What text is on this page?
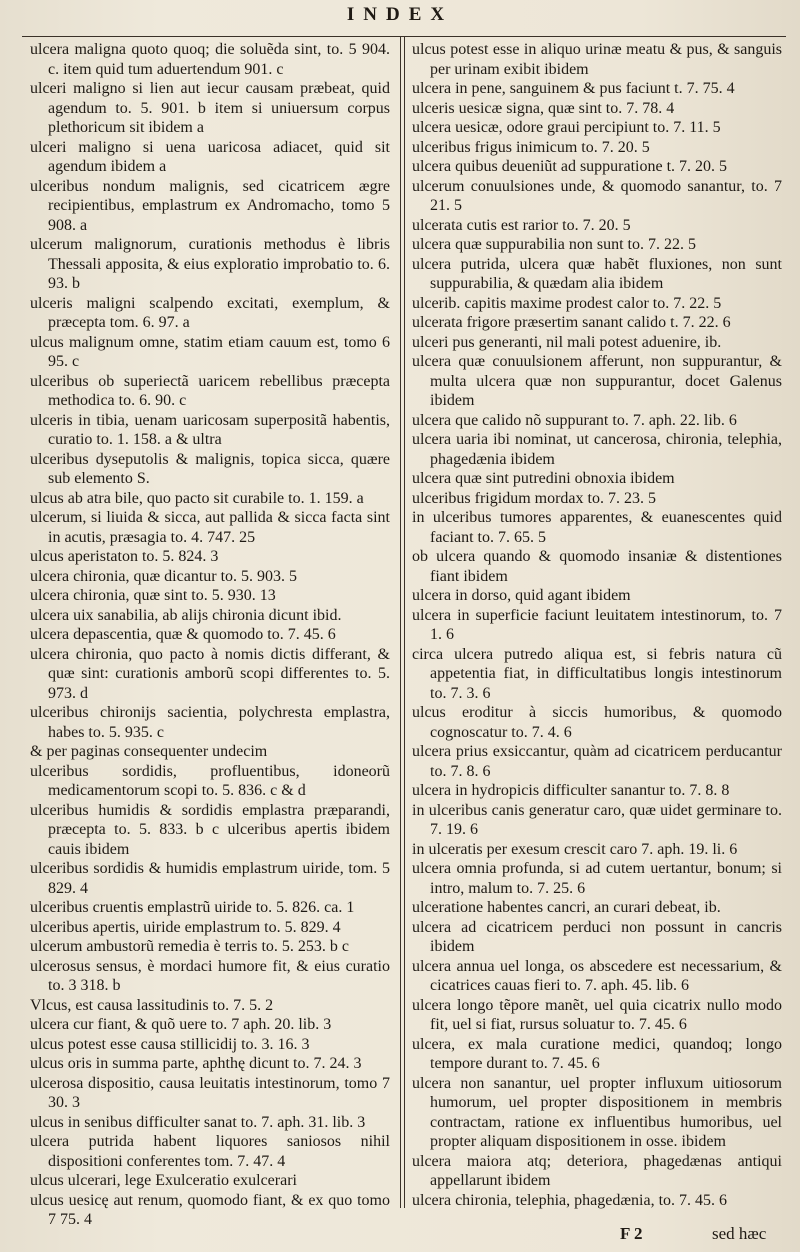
INDEX

ulcera maligna quoto quoq; die soluẽda sint, to. 5 904. c. item quid tum aduertendum 901. c

ulceri maligno si lien aut iecur causam præbeat, quid agendum to. 5. 901. b item si uniuersum corpus plethoricum sit ibidem a

ulceri maligno si uena uaricosa adiacet, quid sit agendum ibidem a

ulceribus nondum malignis, sed cicatricem ægre recipientibus, emplastrum ex Andromacho, tomo 5 908. a

ulcerum malignorum, curationis methodus è libris Thessali apposita, & eius exploratio improbatio to. 6. 93. b

ulceris maligni scalpendo excitati, exemplum, & præcepta tom. 6. 97. a

ulcus malignum omne, statim etiam cauum est, tomo 6 95. c

ulceribus ob superiectã uaricem rebellibus præcepta methodica to. 6. 90. c

ulceris in tibia, uenam uaricosam superpositã habentis, curatio to. 1. 158. a & ultra

ulceribus dyseputolis & malignis, topica sicca, quære sub elemento S.

ulcus ab atra bile, quo pacto sit curabile to. 1. 159. a

ulcerum, si liuida & sicca, aut pallida & sicca facta sint in acutis, præsagia to. 4. 747. 25

ulcus aperistaton to. 5. 824. 3

ulcera chironia, quæ dicantur to. 5. 903. 5

ulcera chironia, quæ sint to. 5. 930. 13

ulcera uix sanabilia, ab alijs chironia dicunt ibid.

ulcera depascentia, quæ & quomodo to. 7. 45. 6

ulcera chironia, quo pacto à nomis dictis differant, & quæ sint: curationis amborũ scopi differentes to. 5. 973. d

ulceribus chironijs sacientia, polychresta emplastra, habes to. 5. 935. c

& per paginas consequenter undecim

ulceribus sordidis, profluentibus, idoneorũ medicamentorum scopi to. 5. 836. c & d

ulceribus humidis & sordidis emplastra præparandi, præcepta to. 5. 833. b c ulceribus apertis ibidem cauis ibidem

ulceribus sordidis & humidis emplastrum uiride, tom. 5 829. 4

ulceribus cruentis emplastrũ uiride to. 5. 826. ca. 1

ulceribus apertis, uiride emplastrum to. 5. 829. 4

ulcerum ambustorũ remedia è terris to. 5. 253. b c

ulcerosus sensus, è mordaci humore fit, & eius curatio to. 3 318. b

Vlcus, est causa lassitudinis to. 7. 5. 2

ulcera cur fiant, & quõ uere to. 7 aph. 20. lib. 3

ulcus potest esse causa stillicidij to. 3. 16. 3

ulcus oris in summa parte, aphthę dicunt to. 7. 24. 3

ulcerosa dispositio, causa leuitatis intestinorum, tomo 7 30. 3

ulcus in senibus difficulter sanat to. 7. aph. 31. lib. 3

ulcera putrida habent liquores saniosos nihil dispositioni conferentes tom. 7. 47. 4

ulcus ulcerari, lege Exulceratio exulcerari

ulcus uesicę aut renum, quomodo fiant, & ex quo tomo 7 75. 4

ulcus potest esse in aliquo urinæ meatu & pus, & sanguis per urinam exibit ibidem

ulcera in pene, sanguinem & pus faciunt t. 7. 75. 4

ulceris uesicæ signa, quæ sint to. 7. 78. 4

ulcera uesicæ, odore graui percipiunt to. 7. 11. 5

ulceribus frigus inimicum to. 7. 20. 5

ulcera quibus deueniũt ad suppuratione t. 7. 20. 5

ulcerum conuulsiones unde, & quomodo sanantur, to. 7 21. 5

ulcerata cutis est rarior to. 7. 20. 5

ulcera quæ suppurabilia non sunt to. 7. 22. 5

ulcera putrida, ulcera quæ habẽt fluxiones, non sunt suppurabilia, & quædam alia ibidem

ulcerib. capitis maxime prodest calor to. 7. 22. 5

ulcerata frigore præsertim sanant calido t. 7. 22. 6

ulceri pus generanti, nil mali potest aduenire, ib.

ulcera quæ conuulsionem afferunt, non suppurantur, & multa ulcera quæ non suppurantur, docet Galenus ibidem

ulcera que calido nõ suppurant to. 7. aph. 22. lib. 6

ulcera uaria ibi nominat, ut cancerosa, chironia, telephia, phagedænia ibidem

ulcera quæ sint putredini obnoxia ibidem

ulceribus frigidum mordax to. 7. 23. 5

in ulceribus tumores apparentes, & euanescentes quid faciant to. 7. 65. 5

ob ulcera quando & quomodo insaniæ & distentiones fiant ibidem

ulcera in dorso, quid agant ibidem

ulcera in superficie faciunt leuitatem intestinorum, to. 7 1. 6

circa ulcera putredo aliqua est, si febris natura cũ appetentia fiat, in difficultatibus longis intestinorum to. 7. 3. 6

ulcus eroditur à siccis humoribus, & quomodo cognoscatur to. 7. 4. 6

ulcera prius exsiccantur, quàm ad cicatricem perducantur to. 7. 8. 6

ulcera in hydropicis difficulter sanantur to. 7. 8. 8

in ulceribus canis generatur caro, quæ uidet germinare to. 7. 19. 6

in ulceratis per exesum crescit caro 7. aph. 19. li. 6

ulcera omnia profunda, si ad cutem uertantur, bonum; si intro, malum to. 7. 25. 6

ulceratione habentes cancri, an curari debeat, ib.

ulcera ad cicatricem perduci non possunt in cancris ibidem

ulcera annua uel longa, os abscedere est necessarium, & cicatrices cauas fieri to. 7. aph. 45. lib. 6

ulcera longo tẽpore manẽt, uel quia cicatrix nullo modo fit, uel si fiat, rursus soluatur to. 7. 45. 6

ulcera, ex mala curatione medici, quandoq; longo tempore durant to. 7. 45. 6

ulcera non sanantur, uel propter influxum uitiosorum humorum, uel propter dispositionem in membris contractam, ratione ex influentibus humoribus, uel propter aliquam dispositionem in osse. ibidem

ulcera maiora atq; deteriora, phagedænas antiqui appellarunt ibidem

ulcera chironia, telephia, phagedænia, to. 7. 45. 6

F 2	sed hæc
